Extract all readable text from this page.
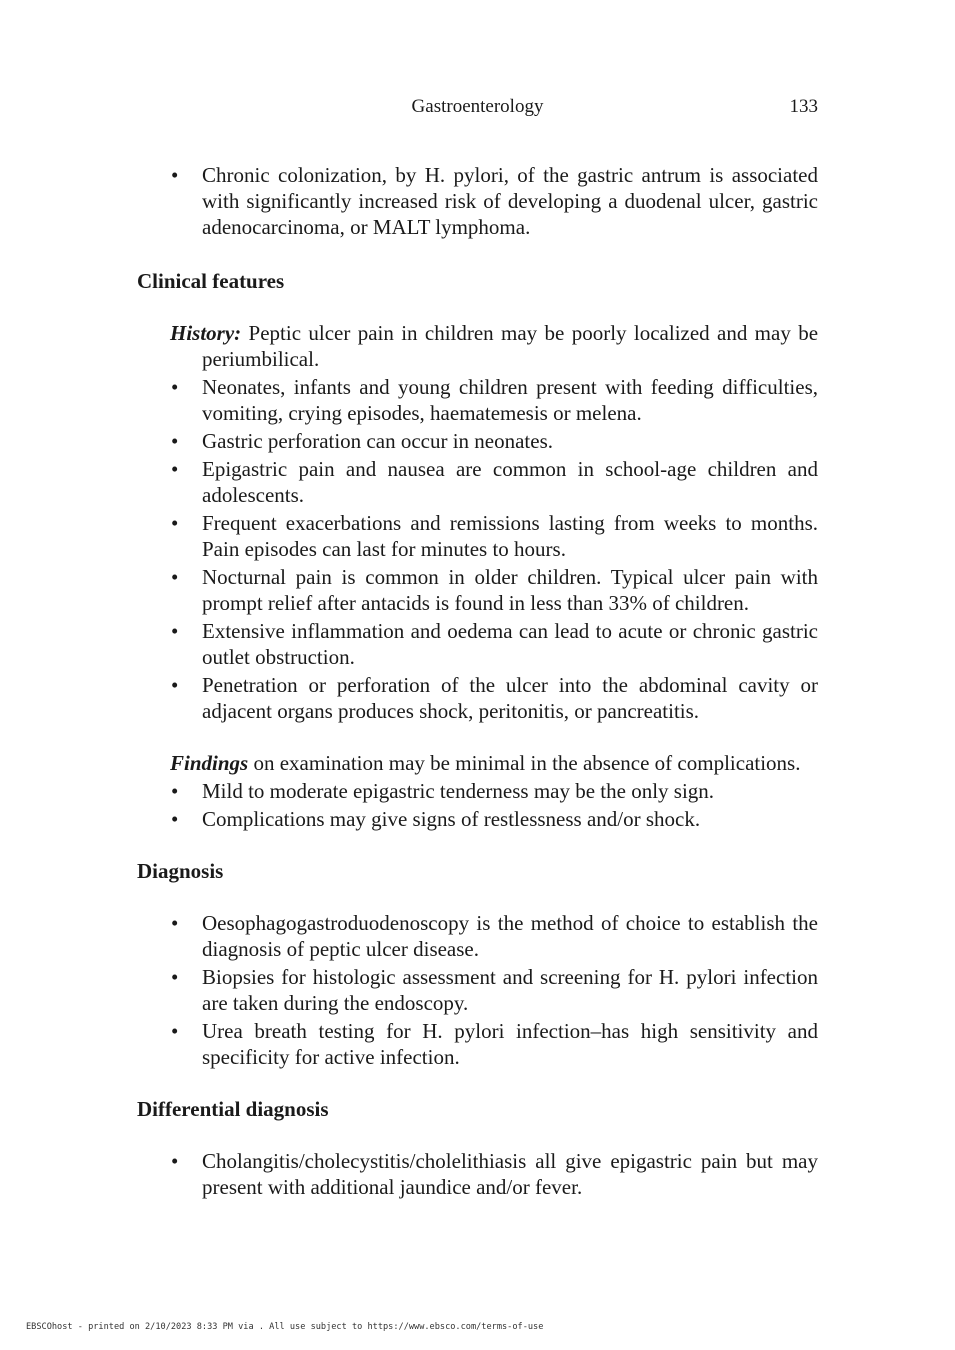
Gastroenterology	133
• Chronic colonization, by H. pylori, of the gastric antrum is associated with significantly increased risk of developing a duodenal ulcer, gastric adenocarcinoma, or MALT lymphoma.

Clinical features

History: Peptic ulcer pain in children may be poorly localized and may be periumbilical.

• Neonates, infants and young children present with feeding difficulties, vomiting, crying episodes, haematemesis or melena.
• Gastric perforation can occur in neonates.
• Epigastric pain and nausea are common in school-age children and adolescents.
• Frequent exacerbations and remissions lasting from weeks to months. Pain episodes can last for minutes to hours.
• Nocturnal pain is common in older children. Typical ulcer pain with prompt relief after antacids is found in less than 33% of children.
• Extensive inflammation and oedema can lead to acute or chronic gastric outlet obstruction.
• Penetration or perforation of the ulcer into the abdominal cavity or adjacent organs produces shock, peritonitis, or pancreatitis.

Findings on examination may be minimal in the absence of complications.

• Mild to moderate epigastric tenderness may be the only sign.
• Complications may give signs of restlessness and/or shock.

Diagnosis

• Oesophagogastroduodenoscopy is the method of choice to establish the diagnosis of peptic ulcer disease.
• Biopsies for histologic assessment and screening for H. pylori infection are taken during the endoscopy.
• Urea breath testing for H. pylori infection–has high sensitivity and specificity for active infection.

Differential diagnosis

• Cholangitis/cholecystitis/cholelithiasis all give epigastric pain but may present with additional jaundice and/or fever.
EBSCOhost - printed on 2/10/2023 8:33 PM via . All use subject to https://www.ebsco.com/terms-of-use
